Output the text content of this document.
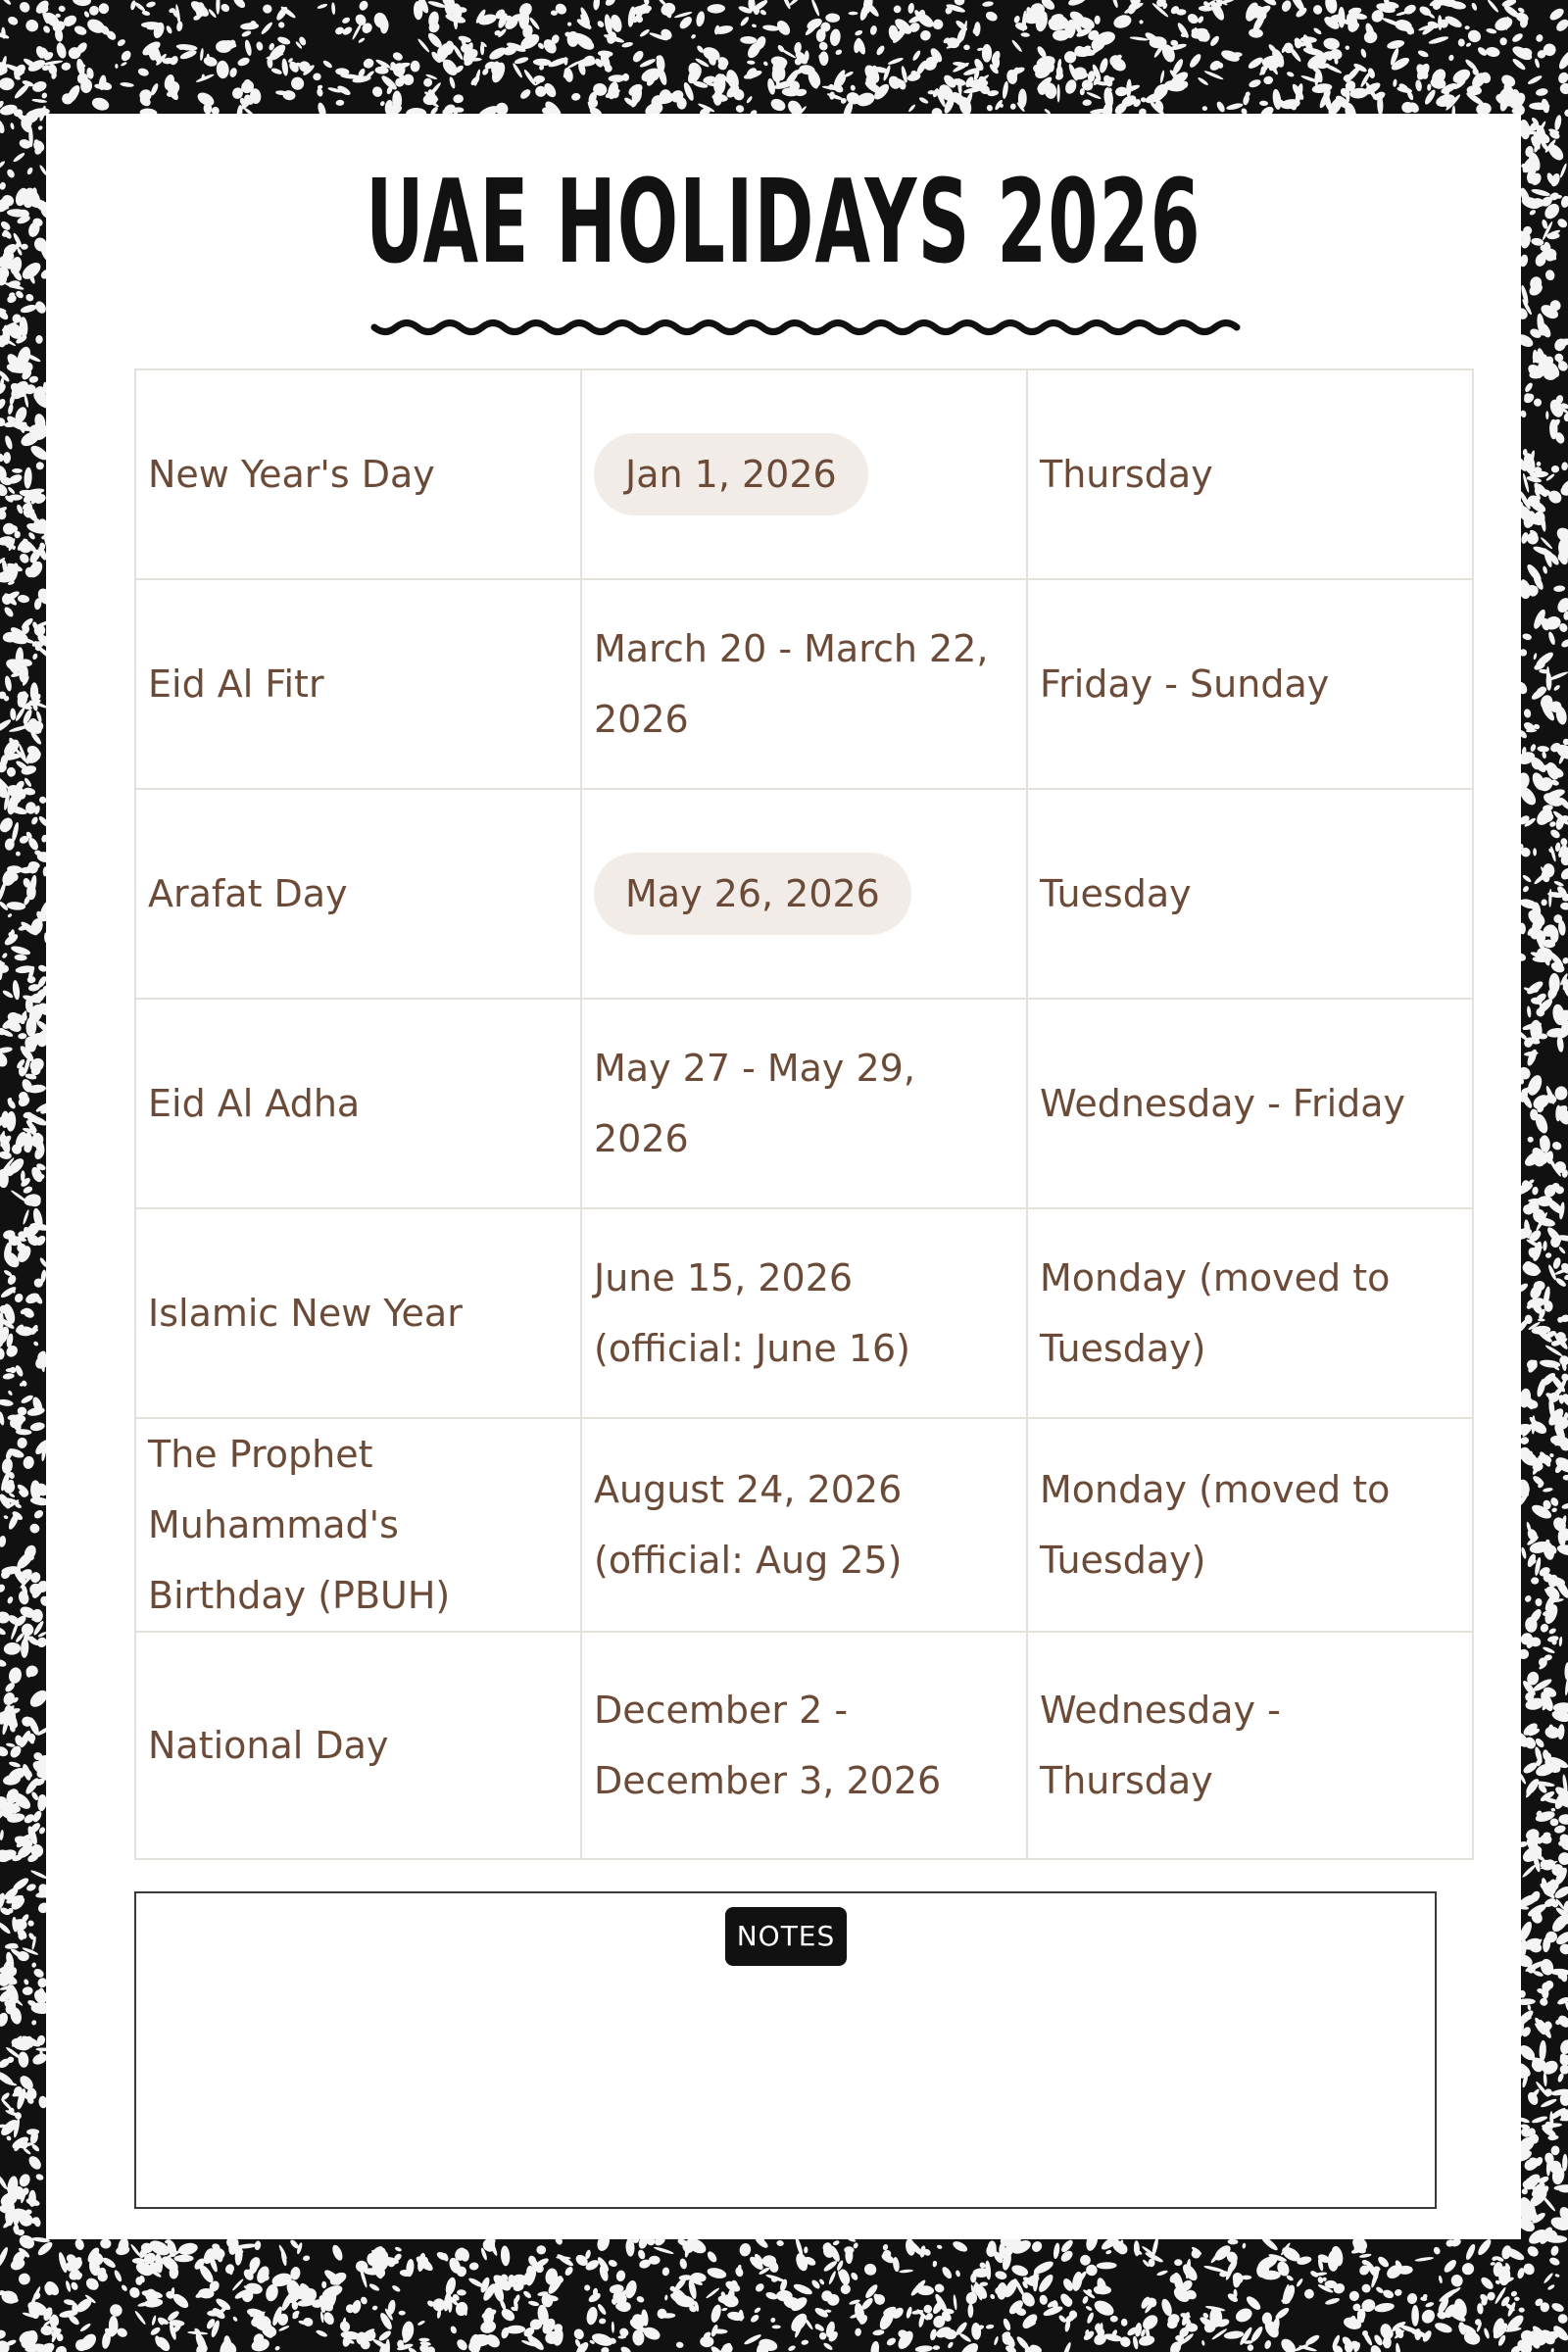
UAE HOLIDAYS 2026
New Year's Day	Jan 1, 2026	Thursday
Eid Al Fitr	March 20 - March 22, 2026	Friday - Sunday
Arafat Day	May 26, 2026	Tuesday
Eid Al Adha	May 27 - May 29, 2026	Wednesday - Friday
Islamic New Year	June 15, 2026 (official: June 16)	Monday (moved to Tuesday)
The Prophet Muhammad's Birthday (PBUH)	August 24, 2026 (official: Aug 25)	Monday (moved to Tuesday)
National Day	December 2 - December 3, 2026	Wednesday - Thursday
NOTES
